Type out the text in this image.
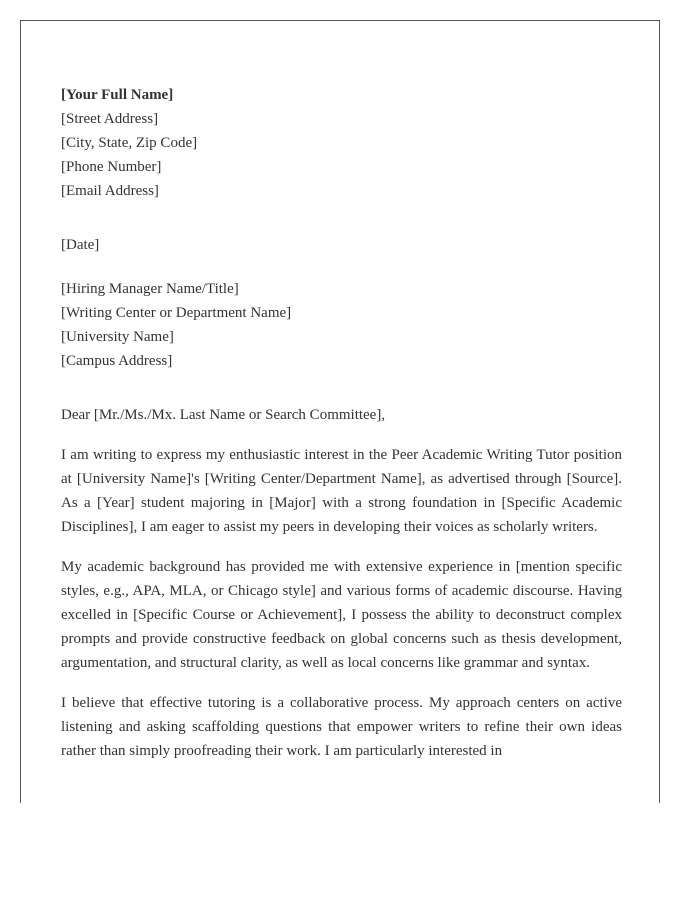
[Your Full Name]
[Street Address]
[City, State, Zip Code]
[Phone Number]
[Email Address]
[Date]
[Hiring Manager Name/Title]
[Writing Center or Department Name]
[University Name]
[Campus Address]

Dear [Mr./Ms./Mx. Last Name or Search Committee],

I am writing to express my enthusiastic interest in the Peer Academic Writing Tutor position at [University Name]'s [Writing Center/Department Name], as advertised through [Source]. As a [Year] student majoring in [Major] with a strong foundation in [Specific Academic Disciplines], I am eager to assist my peers in developing their voices as scholarly writers.

My academic background has provided me with extensive experience in [mention specific styles, e.g., APA, MLA, or Chicago style] and various forms of academic discourse. Having excelled in [Specific Course or Achievement], I possess the ability to deconstruct complex prompts and provide constructive feedback on global concerns such as thesis development, argumentation, and structural clarity, as well as local concerns like grammar and syntax.

I believe that effective tutoring is a collaborative process. My approach centers on active listening and asking scaffolding questions that empower writers to refine their own ideas rather than simply proofreading their work. I am particularly interested in
